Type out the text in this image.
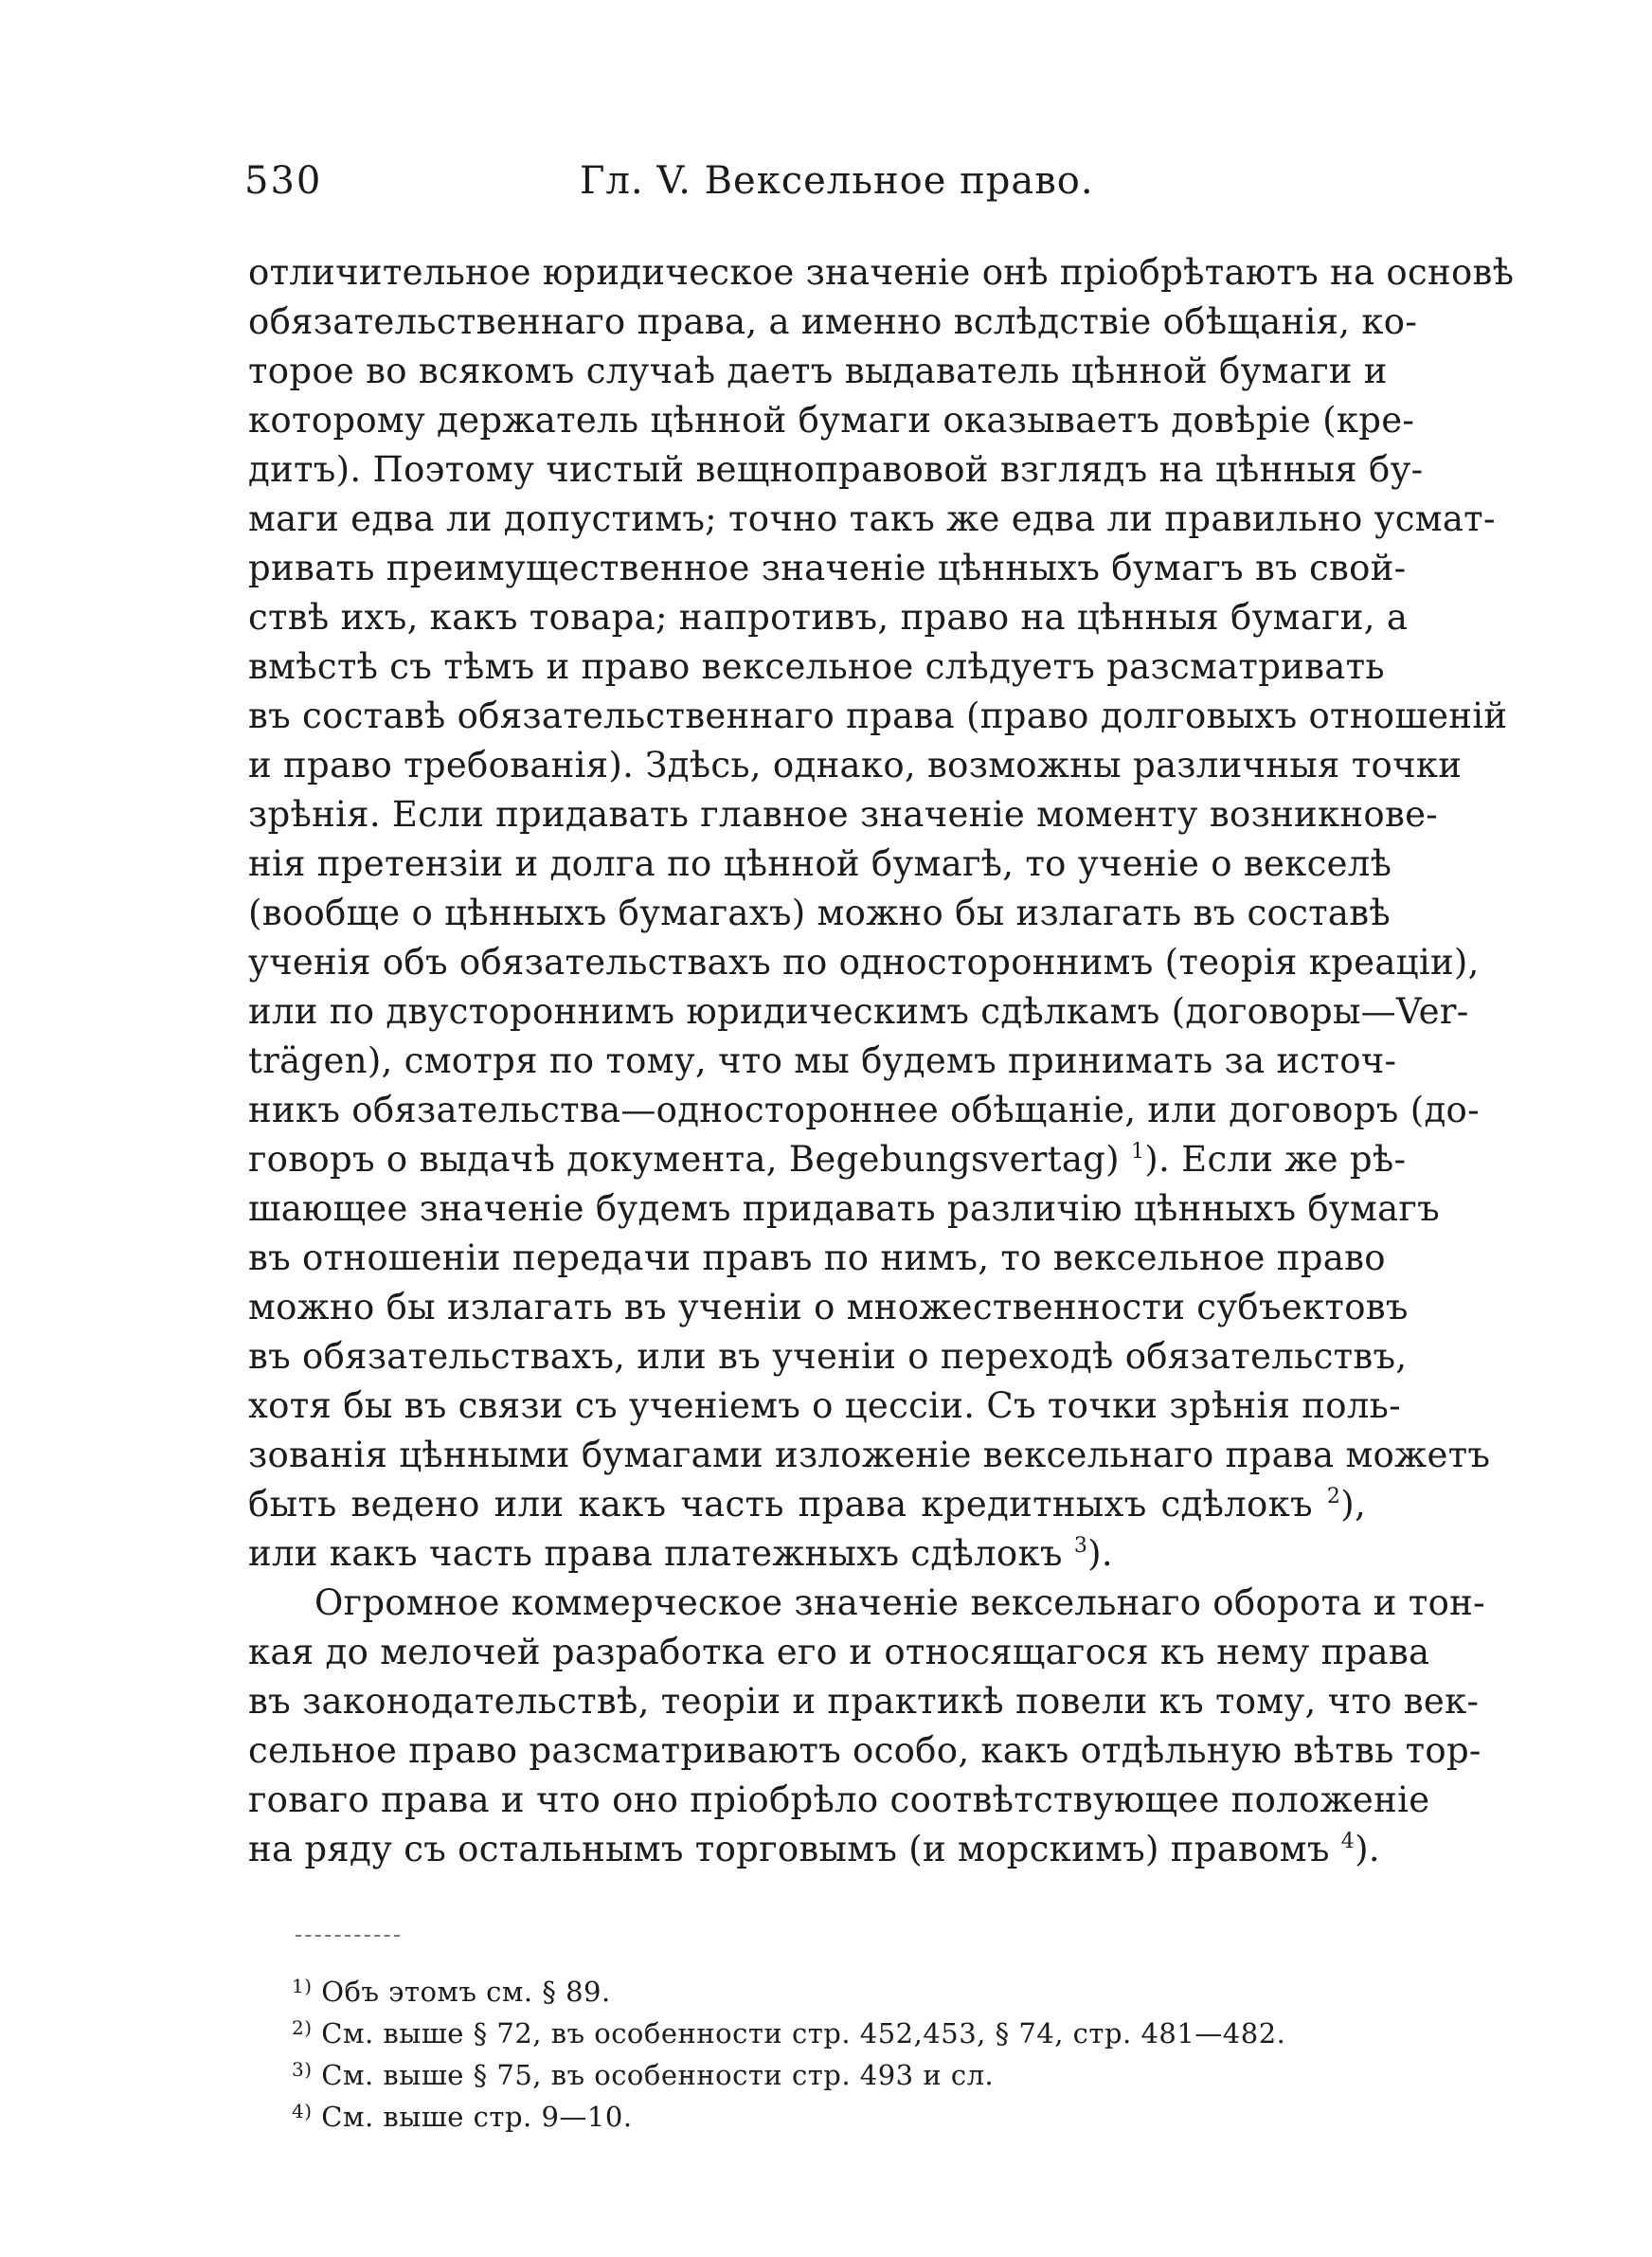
530	Гл. V. Вексельное право.
отличительное юридическое значенiе онѣ прiобрѣтаютъ на основѣ
обязательственнаго права, а именно вслѣдствiе обѣщанiя, ко-
торое во всякомъ случаѣ даетъ выдаватель цѣнной бумаги и
которому держатель цѣнной бумаги оказываетъ довѣрiе (кре-
дитъ). Поэтому чистый вещноправовой взглядъ на цѣнныя бу-
маги едва ли допустимъ; точно такъ же едва ли правильно усмат-
ривать преимущественное значенiе цѣнныхъ бумагъ въ свой-
ствѣ ихъ, какъ товара; напротивъ, право на цѣнныя бумаги, а
вмѣстѣ съ тѣмъ и право вексельное слѣдуетъ разсматривать
въ составѣ обязательственнаго права (право долговыхъ отношенiй
и право требованiя). Здѣсь, однако, возможны различныя точки
зрѣнiя. Если придавать главное значенiе моменту возникнове-
нiя претензiи и долга по цѣнной бумагѣ, то ученiе о векселѣ
(вообще о цѣнныхъ бумагахъ) можно бы излагать въ составѣ
ученiя объ обязательствахъ по одностороннимъ (теорiя креацiи),
или по двустороннимъ юридическимъ сдѣлкамъ (договоры—Ver-
trägen), смотря по тому, что мы будемъ принимать за источ-
никъ обязательства—одностороннее обѣщанiе, или договоръ (до-
говоръ о выдачѣ документа, Begebungsvertag) $^1$). Если же рѣ-
шающее значенiе будемъ придавать различiю цѣнныхъ бумагъ
въ отношенiи передачи правъ по нимъ, то вексельное право
можно бы излагать въ ученiи о множественности субъектовъ
въ обязательствахъ, или въ ученiи о переходѣ обязательствъ,
хотя бы въ связи съ ученiемъ о цессiи. Съ точки зрѣнiя поль-
зованiя цѣнными бумагами изложенiе вексельнаго права можетъ
быть ведено или какъ часть права кредитныхъ сдѣлокъ $^2$),
или какъ часть права платежныхъ сдѣлокъ $^3$).
Огромное коммерческое значенiе вексельнаго оборота и тон-
кая до мелочей разработка его и относящагося къ нему права
въ законодательствѣ, теорiи и практикѣ повели къ тому, что век-
сельное право разсматриваютъ особо, какъ отдѣльную вѣтвь тор-
говаго права и что оно прiобрѣло соотвѣтствующее положенiе
на ряду съ остальнымъ торговымъ (и морскимъ) правомъ $^4$).
$^{1)}$ Объ этомъ см. § 89.
$^{2)}$ См. выше § 72, въ особенности стр. 452,453, § 74, стр. 481—482.
$^{3)}$ См. выше § 75, въ особенности стр. 493 и сл.
$^{4)}$ См. выше стр. 9—10.
